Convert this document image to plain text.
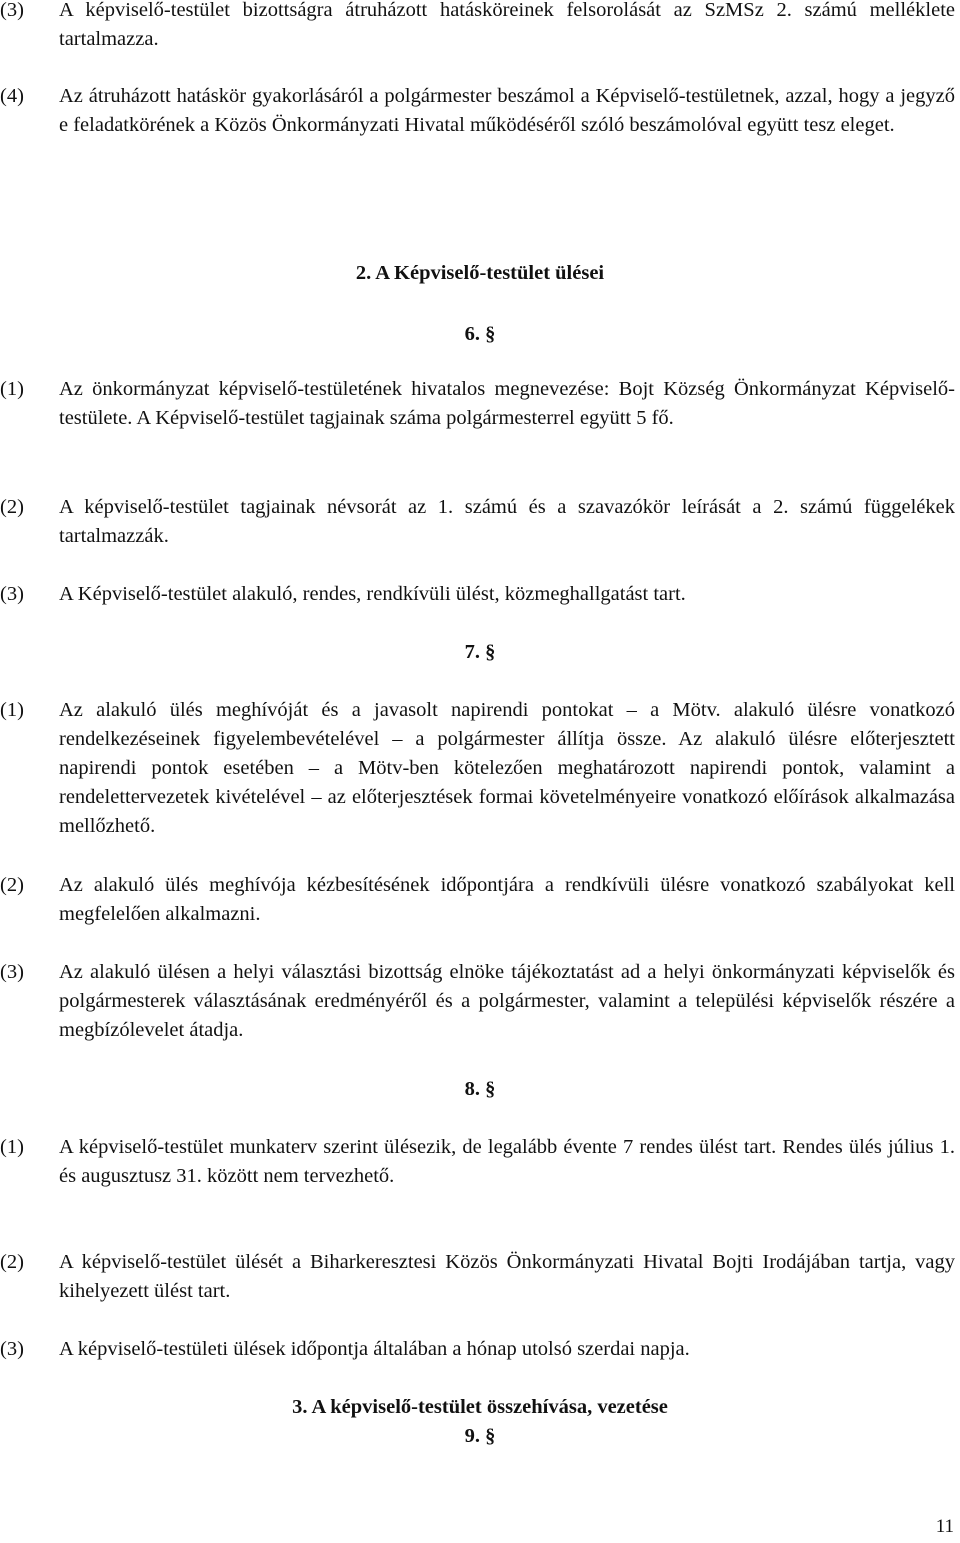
(3)	A képviselő-testület bizottságra átruházott hatásköreinek felsorolását az SzMSz 2. számú melléklete tartalmazza.
(4)	Az átruházott hatáskör gyakorlásáról a polgármester beszámol a Képviselő-testületnek, azzal, hogy a jegyző e feladatkörének a Közös Önkormányzati Hivatal működéséről szóló beszámolóval együtt tesz eleget.
2. A Képviselő-testület ülései
6. §
(1)	Az önkormányzat képviselő-testületének hivatalos megnevezése: Bojt Község Önkormányzat Képviselő-testülete. A Képviselő-testület tagjainak száma polgármesterrel együtt 5 fő.
(2)	A képviselő-testület tagjainak névsorát az 1. számú és a szavazókör leírását a 2. számú függelékek tartalmazzák.
(3)	A Képviselő-testület alakuló, rendes, rendkívüli ülést, közmeghallgatást tart.
7. §
(1)	Az alakuló ülés meghívóját és a javasolt napirendi pontokat – a Mötv. alakuló ülésre vonatkozó rendelkezéseinek figyelembevételével – a polgármester állítja össze. Az alakuló ülésre előterjesztett napirendi pontok esetében – a Mötv-ben kötelezően meghatározott napirendi pontok, valamint a rendelettervezetek kivételével – az előterjesztések formai követelményeire vonatkozó előírások alkalmazása mellőzhető.
(2)	Az alakuló ülés meghívója kézbesítésének időpontjára a rendkívüli ülésre vonatkozó szabályokat kell megfelelően alkalmazni.
(3)	Az alakuló ülésen a helyi választási bizottság elnöke tájékoztatást ad a helyi önkormányzati képviselők és polgármesterek választásának eredményéről és a polgármester, valamint a települési képviselők részére a megbízólevelet átadja.
8. §
(1)	A képviselő-testület munkaterv szerint ülésezik, de legalább évente 7 rendes ülést tart. Rendes ülés július 1. és augusztusz 31. között nem tervezhető.
(2)	A képviselő-testület ülését a Biharkeresztesi Közös Önkormányzati Hivatal Bojti Irodájában tartja, vagy kihelyezett ülést tart.
(3)	A képviselő-testületi ülések időpontja általában a hónap utolsó szerdai napja.
3. A képviselő-testület összehívása, vezetése
9. §
11
